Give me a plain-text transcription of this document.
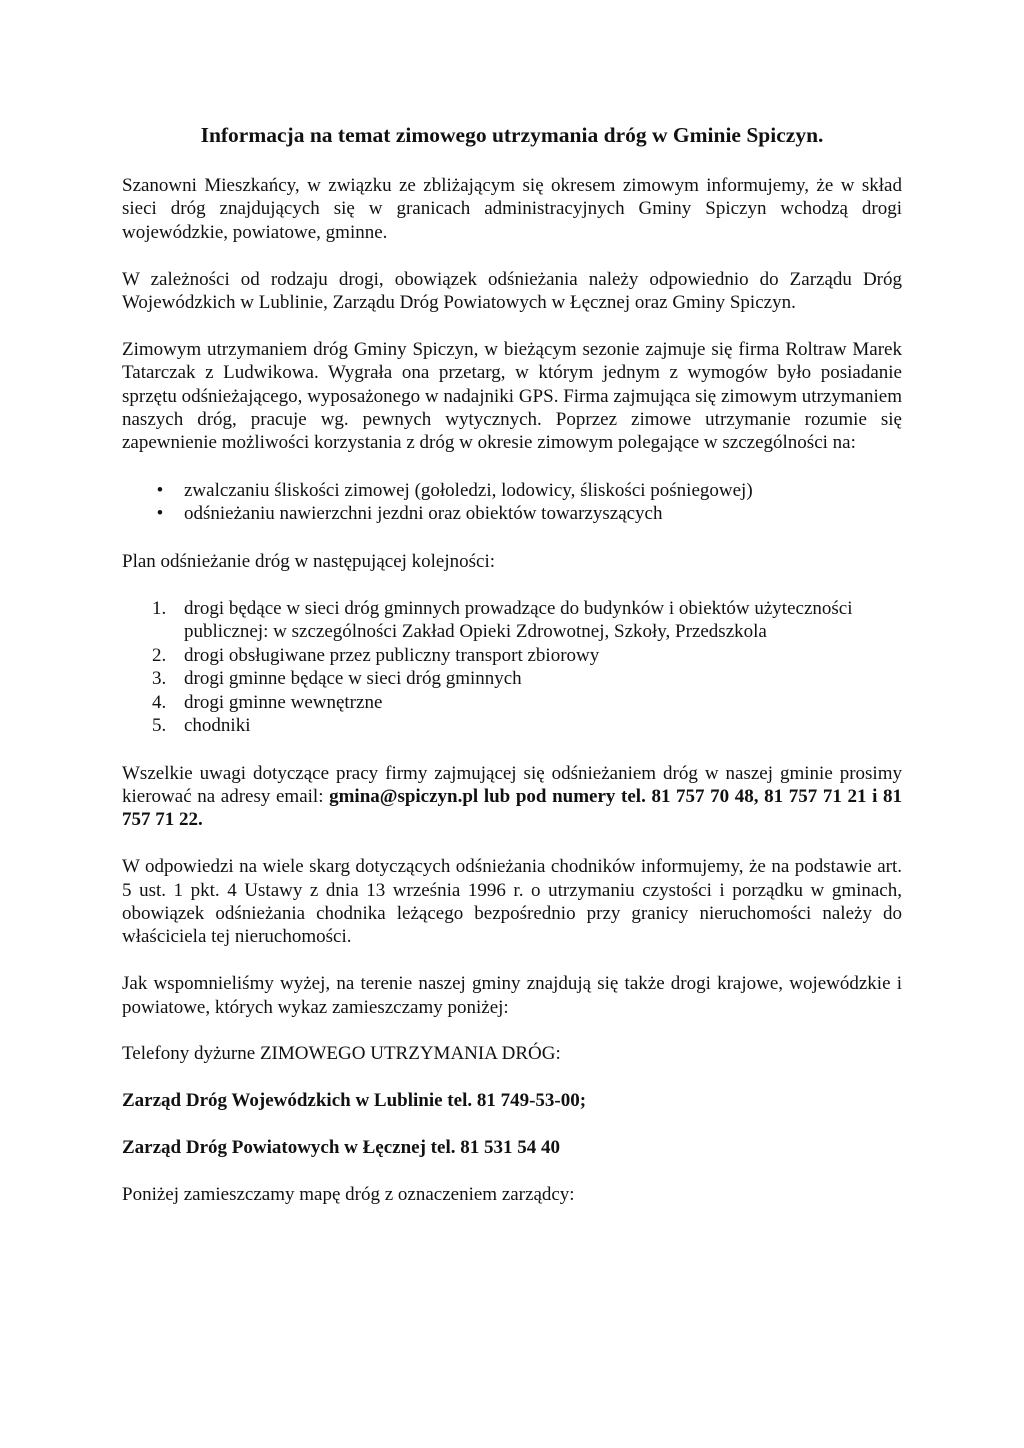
Informacja na temat zimowego utrzymania dróg w Gminie Spiczyn.

Szanowni Mieszkańcy, w związku ze zbliżającym się okresem zimowym informujemy, że w skład sieci dróg znajdujących się w granicach administracyjnych Gminy Spiczyn wchodzą drogi wojewódzkie, powiatowe, gminne.

W zależności od rodzaju drogi, obowiązek odśnieżania należy odpowiednio do Zarządu Dróg Wojewódzkich w Lublinie, Zarządu Dróg Powiatowych w Łęcznej oraz Gminy Spiczyn.

Zimowym utrzymaniem dróg Gminy Spiczyn, w bieżącym sezonie zajmuje się firma Roltraw Marek Tatarczak z Ludwikowa. Wygrała ona przetarg, w którym jednym z wymogów było posiadanie sprzętu odśnieżającego, wyposażonego w nadajniki GPS. Firma zajmująca się zimowym utrzymaniem naszych dróg, pracuje wg. pewnych wytycznych. Poprzez zimowe utrzymanie rozumie się zapewnienie możliwości korzystania z dróg w okresie zimowym polegające w szczególności na:

•	zwalczaniu śliskości zimowej (gołoledzi, lodowicy, śliskości pośniegowej)
•	odśnieżaniu nawierzchni jezdni oraz obiektów towarzyszących

Plan odśnieżanie dróg w następującej kolejności:

1. drogi będące w sieci dróg gminnych prowadzące do budynków i obiektów użyteczności publicznej: w szczególności Zakład Opieki Zdrowotnej, Szkoły, Przedszkola
2. drogi obsługiwane przez publiczny transport zbiorowy
3. drogi gminne będące w sieci dróg gminnych
4. drogi gminne wewnętrzne
5. chodniki

Wszelkie uwagi dotyczące pracy firmy zajmującej się odśnieżaniem dróg w naszej gminie prosimy kierować na adresy email: gmina@spiczyn.pl lub pod numery tel. 81 757 70 48, 81 757 71 21 i 81 757 71 22.

W odpowiedzi na wiele skarg dotyczących odśnieżania chodników informujemy, że na podstawie art. 5 ust. 1 pkt. 4 Ustawy z dnia 13 września 1996 r. o utrzymaniu czystości i porządku w gminach, obowiązek odśnieżania chodnika leżącego bezpośrednio przy granicy nieruchomości należy do właściciela tej nieruchomości.

Jak wspomnieliśmy wyżej, na terenie naszej gminy znajdują się także drogi krajowe, wojewódzkie i powiatowe, których wykaz zamieszczamy poniżej:

Telefony dyżurne ZIMOWEGO UTRZYMANIA DRÓG:

Zarząd Dróg Wojewódzkich w Lublinie tel. 81 749-53-00;

Zarząd Dróg Powiatowych w Łęcznej tel. 81 531 54 40

Poniżej zamieszczamy mapę dróg z oznaczeniem zarządcy:
